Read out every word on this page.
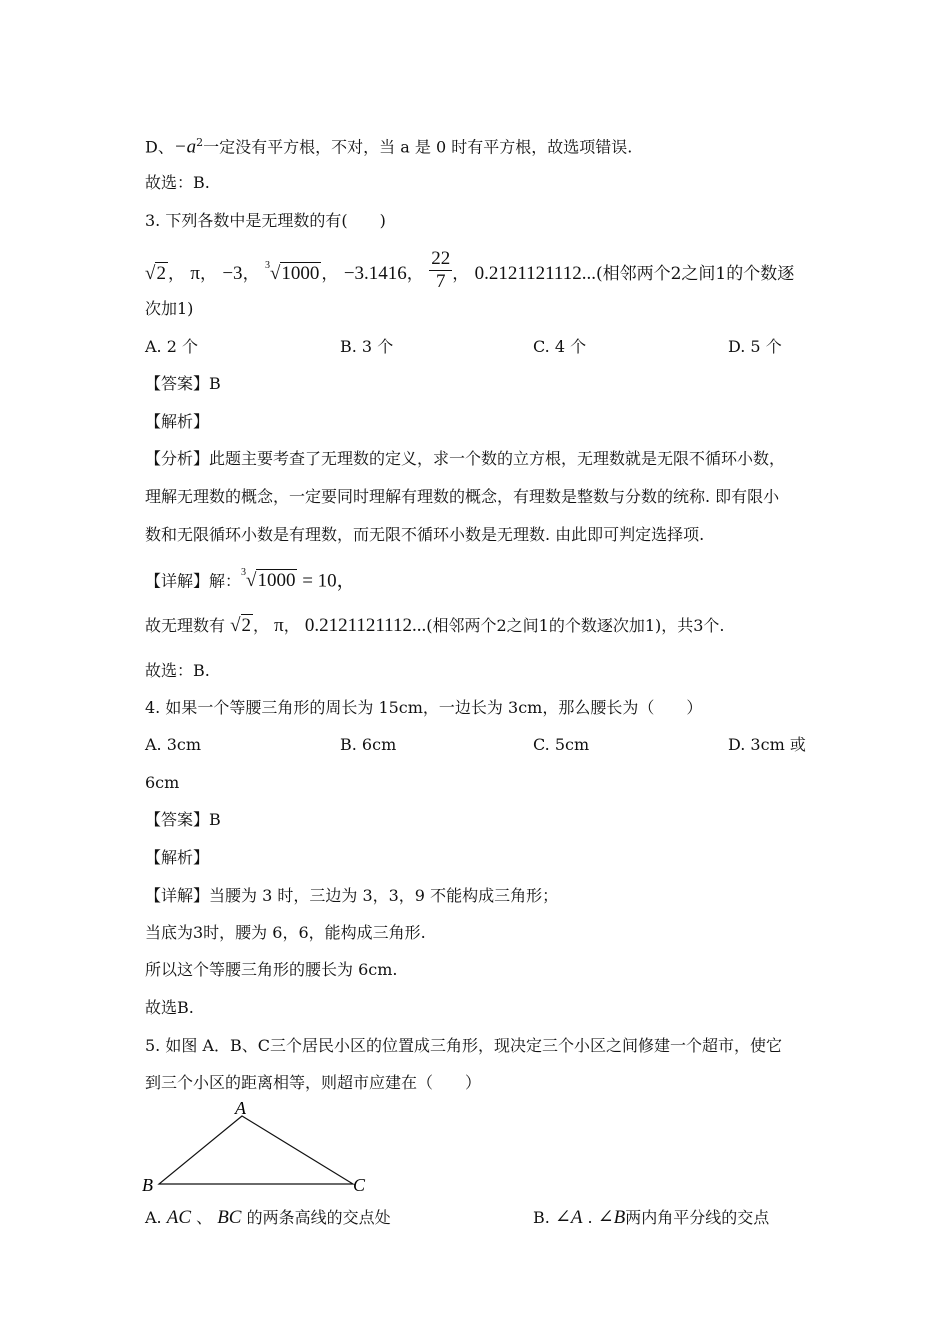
D、$-a^2$一定没有平方根，不对，当 a 是 0 时有平方根，故选项错误.
故选：B.
3. 下列各数中是无理数的有(　　)
√2 ， π， −3， $^3$√1000 ， −3.1416， $\frac{22}{7}$ ， 0.2121121112...(相邻两个2之间1的个数逐
次加1)
A. 2 个	B. 3 个	C. 4 个	D. 5 个
【答案】B
【解析】
【分析】此题主要考查了无理数的定义，求一个数的立方根，无理数就是无限不循环小数，
理解无理数的概念，一定要同时理解有理数的概念，有理数是整数与分数的统称. 即有限小
数和无限循环小数是有理数，而无限不循环小数是无理数. 由此即可判定选择项.
【详解】解：$^3$√1000 = 10，
故无理数有 √2 ， π， 0.2121121112...(相邻两个2之间1的个数逐次加1)，共3个.
故选：B.
4. 如果一个等腰三角形的周长为 15cm，一边长为 3cm，那么腰长为（　　）
A. 3cm	B. 6cm	C. 5cm	D. 3cm 或
6cm
【答案】B
【解析】
【详解】当腰为 3 时，三边为 3，3，9 不能构成三角形；
当底为3时，腰为 6，6，能构成三角形.
所以这个等腰三角形的腰长为 6cm.
故选B.
5. 如图 A．B、C三个居民小区的位置成三角形，现决定三个小区之间修建一个超市，使它
到三个小区的距离相等，则超市应建在（　　）
A
B	C
A. AC 、 BC 的两条高线的交点处	B. ∠A . ∠B两内角平分线的交点
